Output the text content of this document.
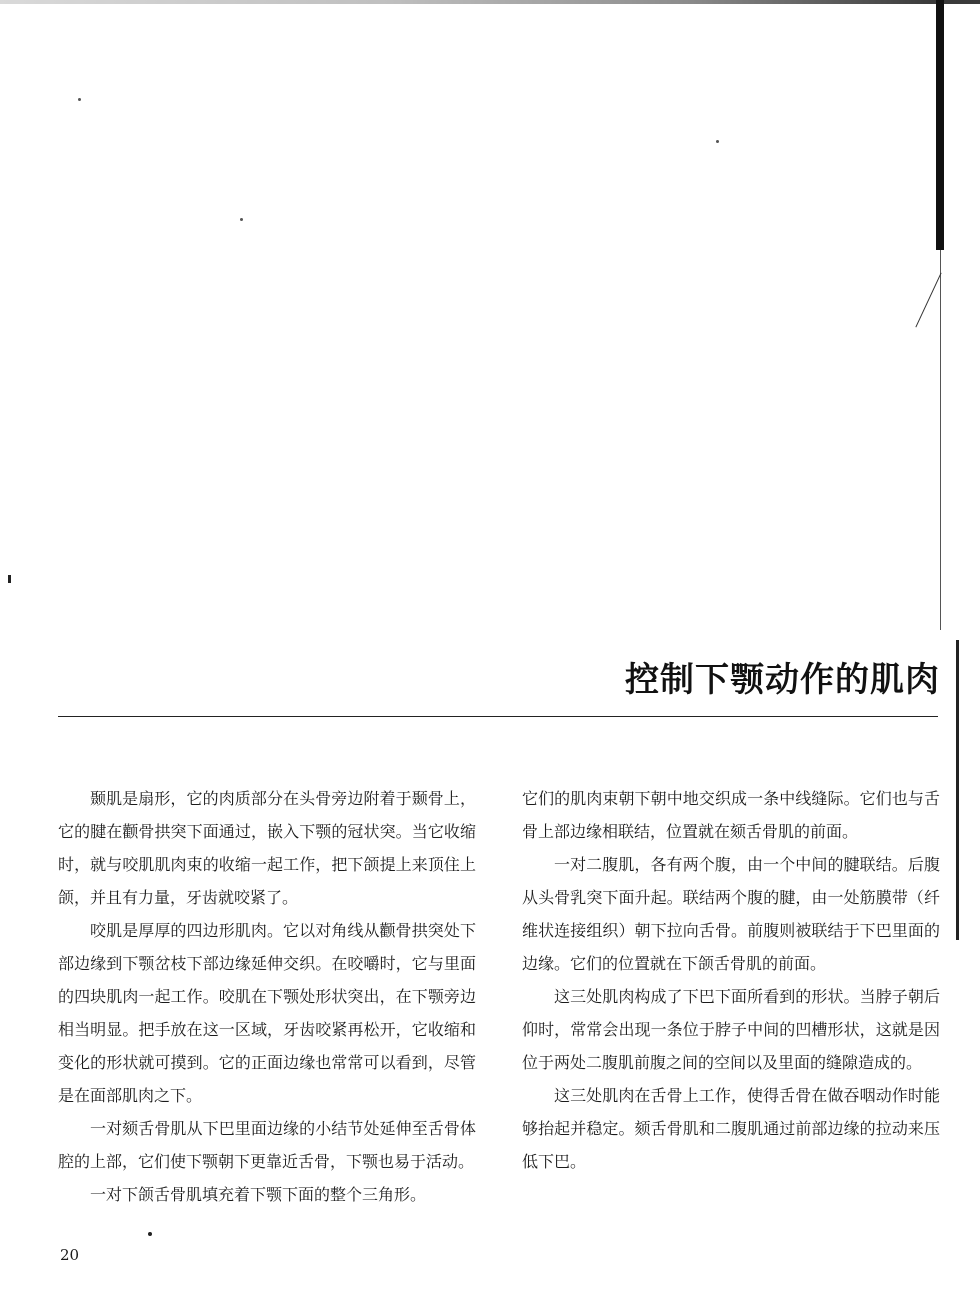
控制下颚动作的肌肉

颞肌是扇形，它的肉质部分在头骨旁边附着于颞骨上，它的腱在颧骨拱突下面通过，嵌入下颚的冠状突。当它收缩时，就与咬肌肌肉束的收缩一起工作，把下颌提上来顶住上颌，并且有力量，牙齿就咬紧了。

咬肌是厚厚的四边形肌肉。它以对角线从颧骨拱突处下部边缘到下颚岔枝下部边缘延伸交织。在咬嚼时，它与里面的四块肌肉一起工作。咬肌在下颚处形状突出，在下颚旁边相当明显。把手放在这一区域，牙齿咬紧再松开，它收缩和变化的形状就可摸到。它的正面边缘也常常可以看到，尽管是在面部肌肉之下。

一对颏舌骨肌从下巴里面边缘的小结节处延伸至舌骨体腔的上部，它们使下颚朝下更靠近舌骨，下颚也易于活动。

一对下颌舌骨肌填充着下颚下面的整个三角形。

它们的肌肉束朝下朝中地交织成一条中线缝际。它们也与舌骨上部边缘相联结，位置就在颏舌骨肌的前面。

一对二腹肌，各有两个腹，由一个中间的腱联结。后腹从头骨乳突下面升起。联结两个腹的腱，由一处筋膜带（纤维状连接组织）朝下拉向舌骨。前腹则被联结于下巴里面的边缘。它们的位置就在下颌舌骨肌的前面。

这三处肌肉构成了下巴下面所看到的形状。当脖子朝后仰时，常常会出现一条位于脖子中间的凹槽形状，这就是因位于两处二腹肌前腹之间的空间以及里面的缝隙造成的。

这三处肌肉在舌骨上工作，使得舌骨在做吞咽动作时能够抬起并稳定。颏舌骨肌和二腹肌通过前部边缘的拉动来压低下巴。

20
